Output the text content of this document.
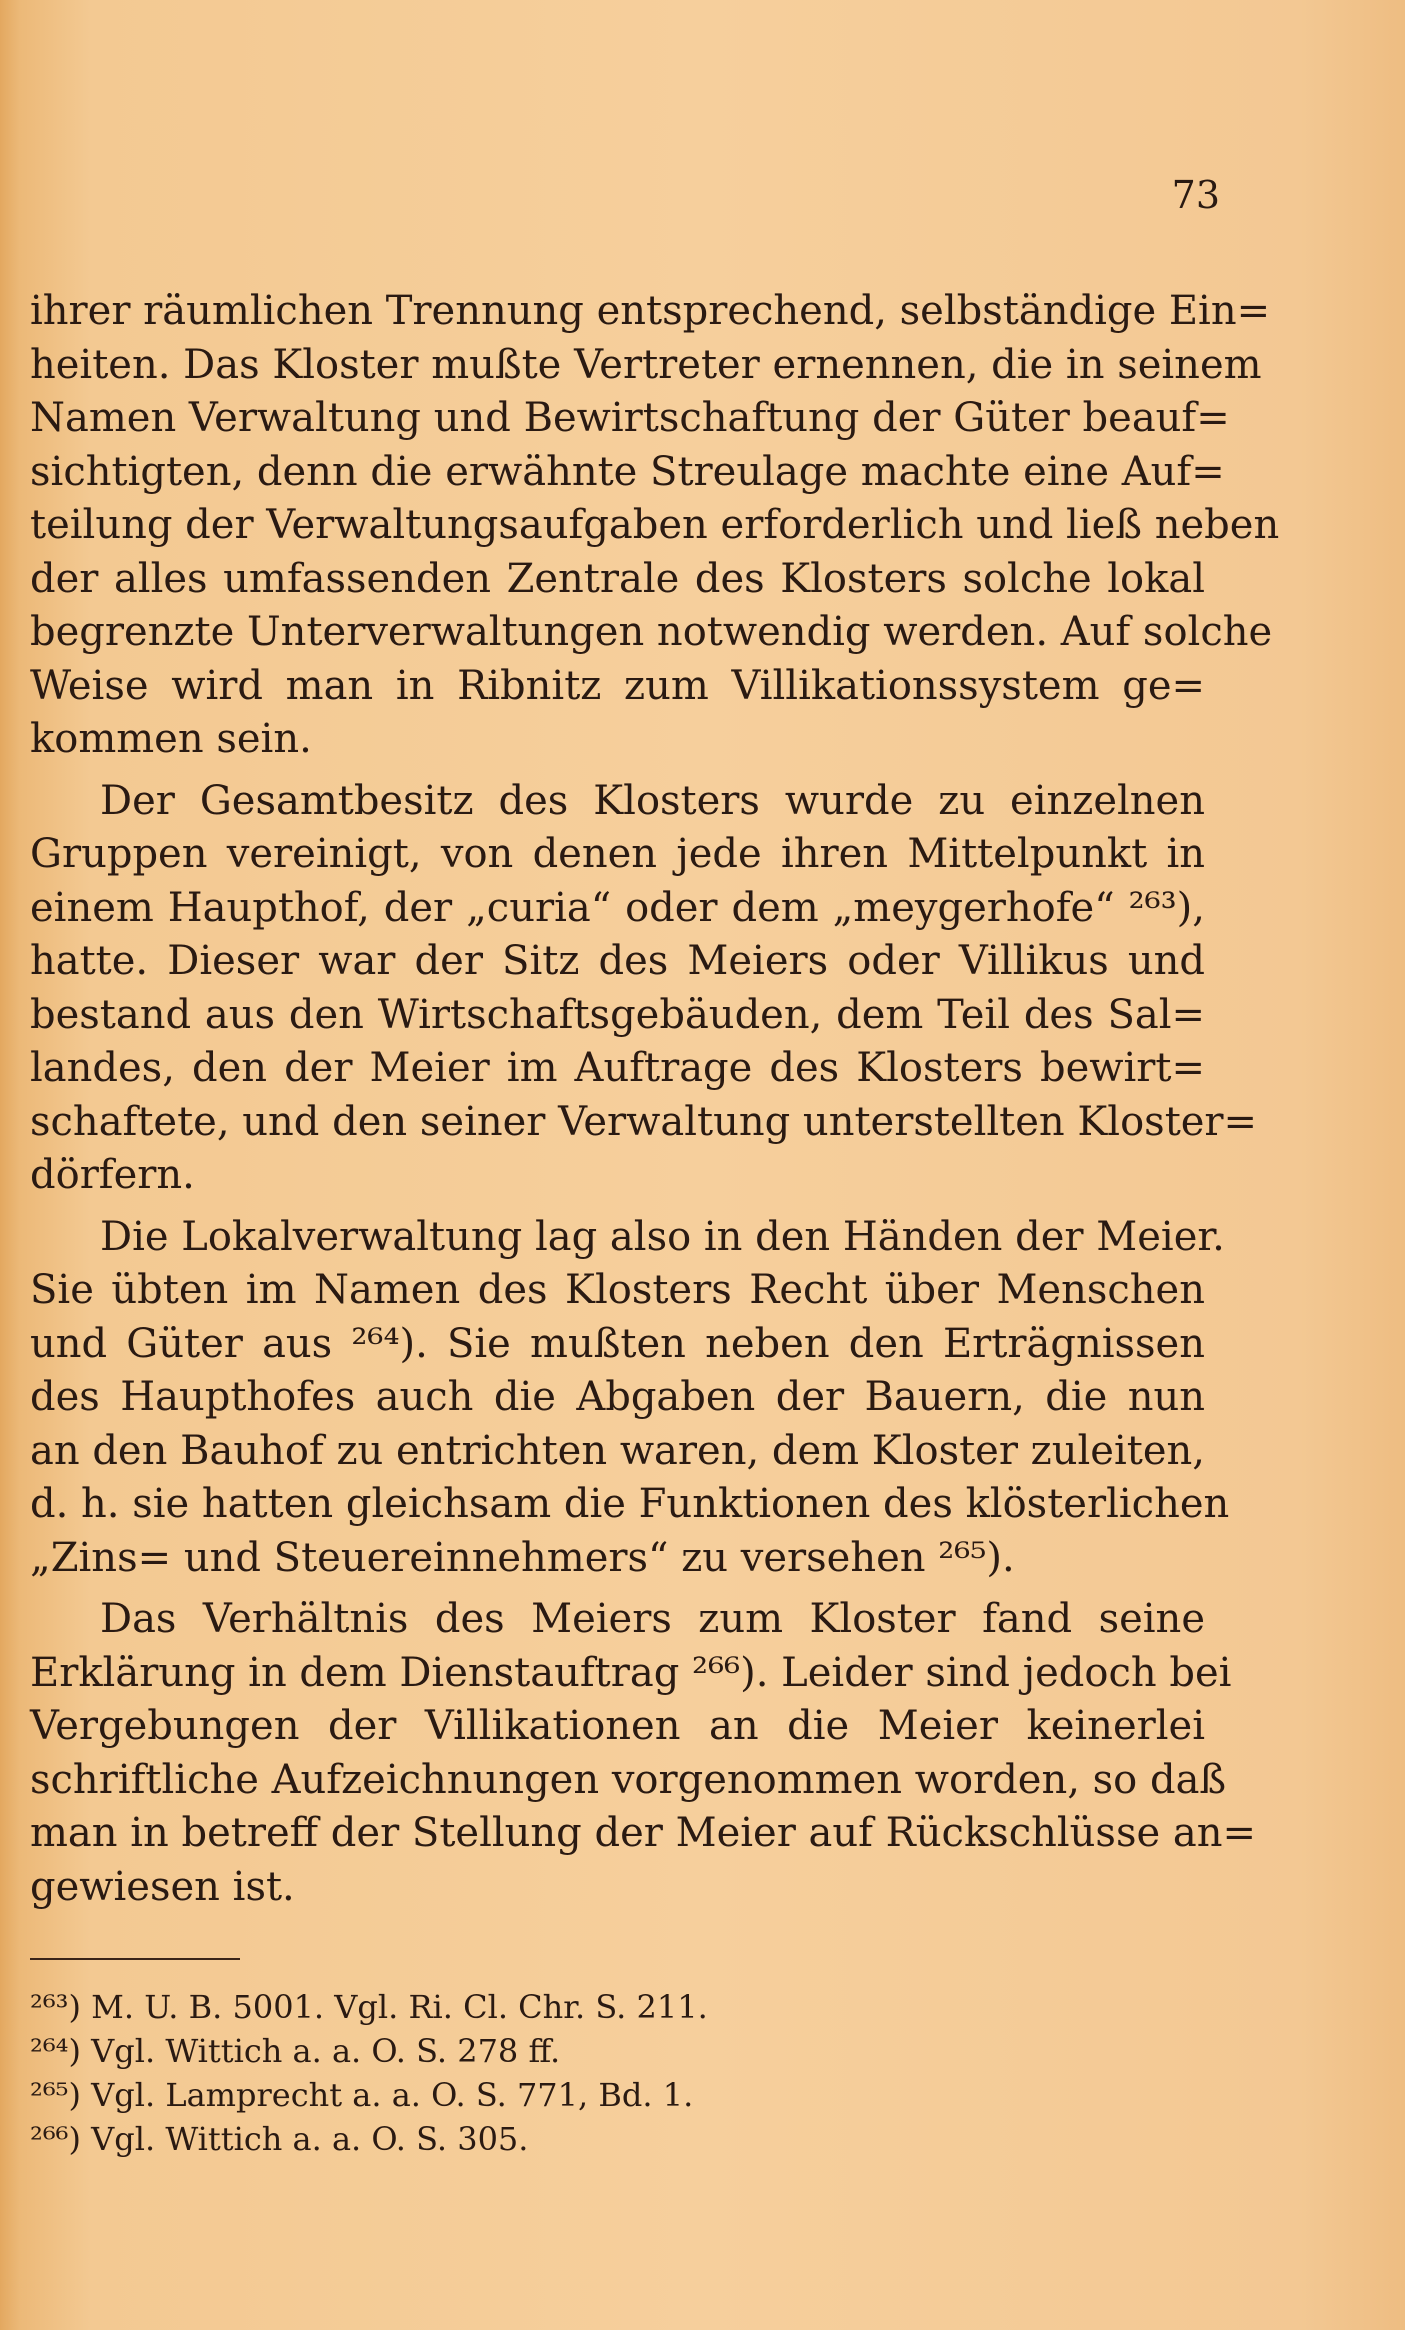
73
ihrer räumlichen Trennung entsprechend, selbständige Ein=
heiten. Das Kloster mußte Vertreter ernennen, die in seinem
Namen Verwaltung und Bewirtschaftung der Güter beauf=
sichtigten, denn die erwähnte Streulage machte eine Auf=
teilung der Verwaltungsaufgaben erforderlich und ließ neben
der alles umfassenden Zentrale des Klosters solche lokal
begrenzte Unterverwaltungen notwendig werden. Auf solche
Weise wird man in Ribnitz zum Villikationssystem ge=
kommen sein.
Der Gesamtbesitz des Klosters wurde zu einzelnen
Gruppen vereinigt, von denen jede ihren Mittelpunkt in
einem Haupthof, der „curia“ oder dem „meygerhofe“ ²⁶³),
hatte. Dieser war der Sitz des Meiers oder Villikus und
bestand aus den Wirtschaftsgebäuden, dem Teil des Sal=
landes, den der Meier im Auftrage des Klosters bewirt=
schaftete, und den seiner Verwaltung unterstellten Kloster=
dörfern.
Die Lokalverwaltung lag also in den Händen der Meier.
Sie übten im Namen des Klosters Recht über Menschen
und Güter aus ²⁶⁴). Sie mußten neben den Erträgnissen
des Haupthofes auch die Abgaben der Bauern, die nun
an den Bauhof zu entrichten waren, dem Kloster zuleiten,
d. h. sie hatten gleichsam die Funktionen des klösterlichen
„Zins= und Steuereinnehmers“ zu versehen ²⁶⁵).
Das Verhältnis des Meiers zum Kloster fand seine
Erklärung in dem Dienstauftrag ²⁶⁶). Leider sind jedoch bei
Vergebungen der Villikationen an die Meier keinerlei
schriftliche Aufzeichnungen vorgenommen worden, so daß
man in betreff der Stellung der Meier auf Rückschlüsse an=
gewiesen ist.
²⁶³) M. U. B. 5001. Vgl. Ri. Cl. Chr. S. 211.
²⁶⁴) Vgl. Wittich a. a. O. S. 278 ff.
²⁶⁵) Vgl. Lamprecht a. a. O. S. 771, Bd. 1.
²⁶⁶) Vgl. Wittich a. a. O. S. 305.
